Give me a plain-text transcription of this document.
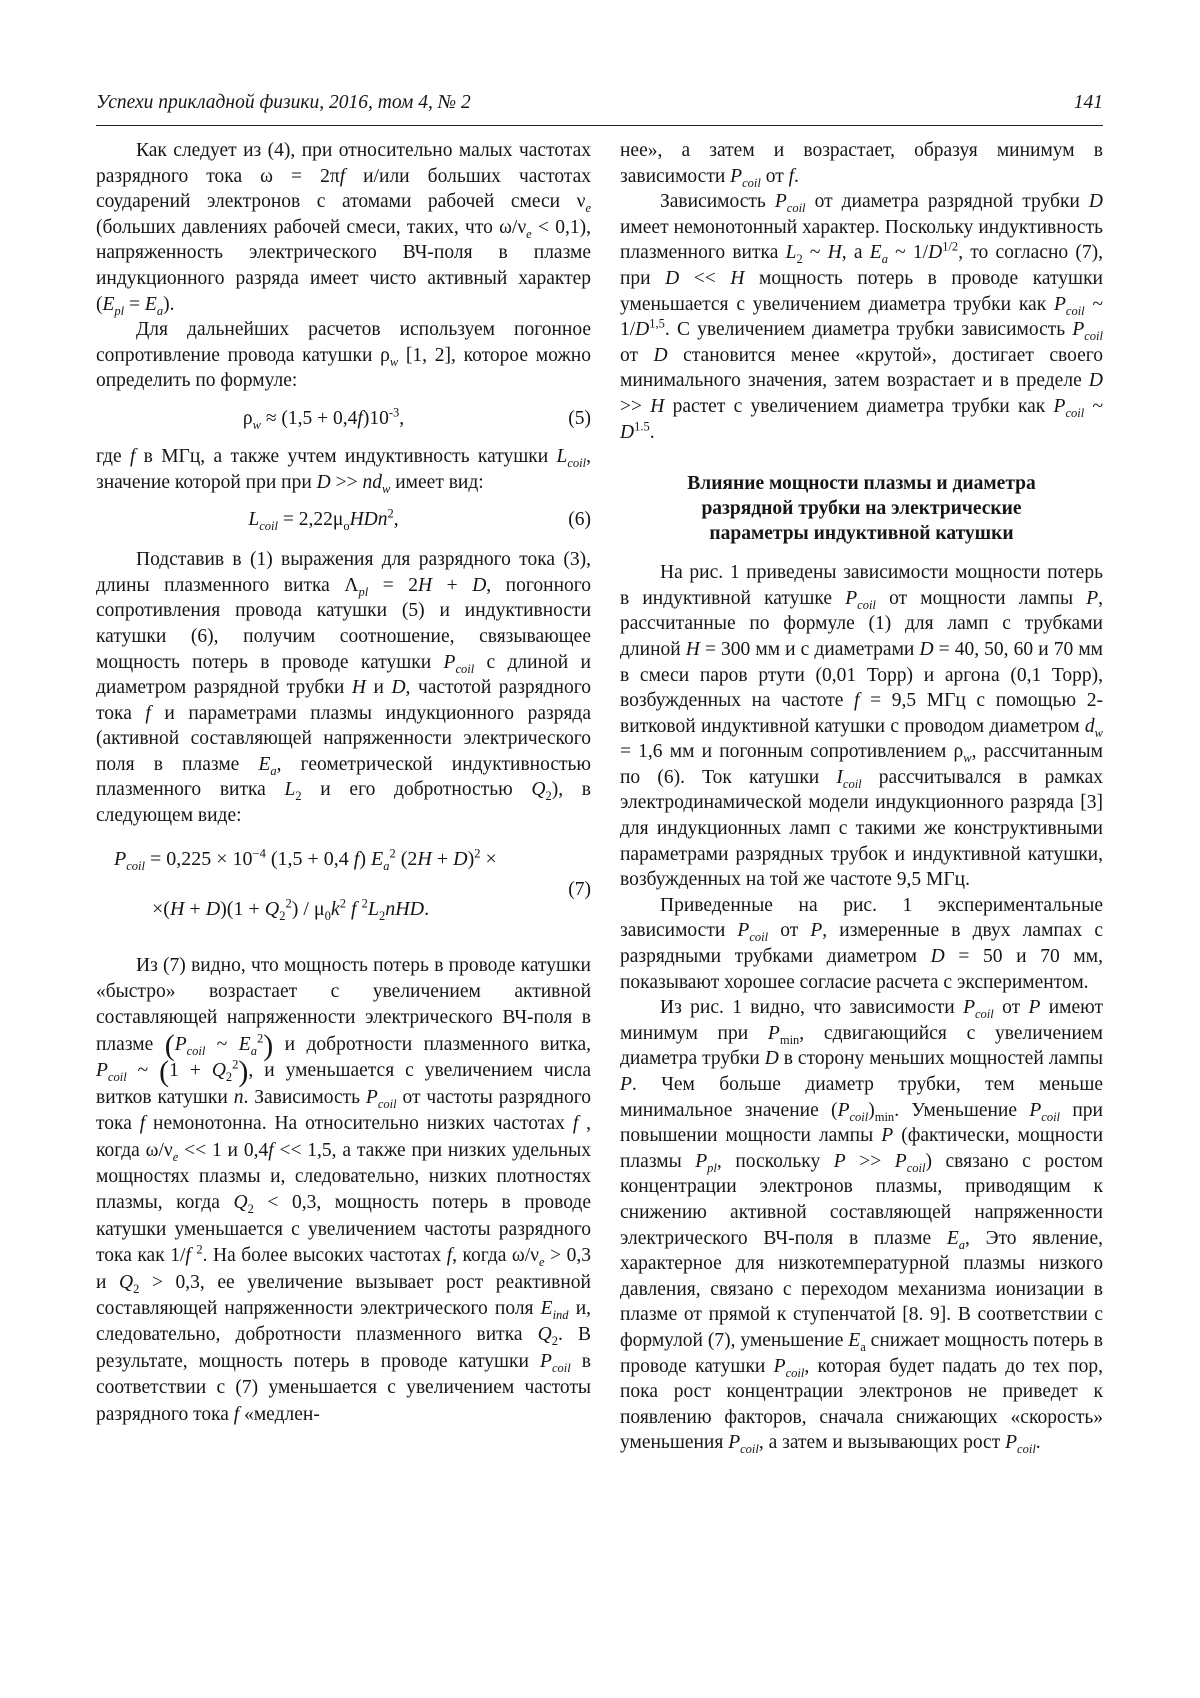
Успехи прикладной физики, 2016, том 4, № 2	141

Как следует из (4), при относительно малых частотах разрядного тока ω = 2πf и/или больших частотах соударений электронов с атомами рабочей смеси $\nu_e$ (больших давлениях рабочей смеси, таких, что $\omega/\nu_e < 0,1$), напряженность электрического ВЧ-поля в плазме индукционного разряда имеет чисто активный характер $(E_{pl} = E_a)$.

Для дальнейших расчетов используем погонное сопротивление провода катушки $\rho_w$ [1, 2], которое можно определить по формуле:

$\rho_w \approx (1,5 + 0,4f)10^{-3}$,	(5)

где f в МГц, а также учтем индуктивность катушки $L_{coil}$, значение которой при при $D >> nd_w$ имеет вид:

$L_{coil} = 2,22\mu_oHDn^2$,	(6)

Подставив в (1) выражения для разрядного тока (3), длины плазменного витка $\Lambda_{pl} = 2H + D$, погонного сопротивления провода катушки (5) и индуктивности катушки (6), получим соотношение, связывающее мощность потерь в проводе катушки $P_{coil}$ с длиной и диаметром разрядной трубки H и D, частотой разрядного тока f и параметрами плазмы индукционного разряда (активной составляющей напряженности электрического поля в плазме $E_a$, геометрической индуктивностью плазменного витка $L_2$ и его добротностью $Q_2$), в следующем виде:

$P_{coil} = 0,225 \times 10^{-4}$ (1,5 + 0,4 f) $E_a^2$ $(2H + D)^2$ ×
$\times(H + D)(1 + Q_2^2) / \mu_0k^2$ f $^2L_2nHD$.
(7)

Из (7) видно, что мощность потерь в проводе катушки «быстро» возрастает с увеличением активной составляющей напряженности электрического ВЧ-поля в плазме ($P_{coil}$ ~ $E_a^2$) и добротности плазменного витка, $P_{coil}$ ~ $(1 + Q_2^2)$, и уменьшается с увеличением числа витков катушки n. Зависимость $P_{coil}$ от частоты разрядного тока f немонотонна. На относительно низких частотах f , когда $\omega/\nu_e << 1$ и 0,4f << 1,5, а также при низких удельных мощностях плазмы и, следовательно, низких плотностях плазмы, когда $Q_2 < 0,3$, мощность потерь в проводе катушки уменьшается с увеличением частоты разрядного тока как 1/f $^2$. На более высоких частотах f, когда $\omega/\nu_e > 0,3$ и $Q_2 > 0,3$, ее увеличение вызывает рост реактивной составляющей напряженности электрического поля $E_{ind}$ и, следовательно, добротности плазменного витка $Q_2$. В результате, мощность потерь в проводе катушки $P_{coil}$ в соответствии с (7) уменьшается с увеличением частоты разрядного тока f «медлен-

нее», а затем и возрастает, образуя минимум в зависимости $P_{coil}$ от f.

Зависимость $P_{coil}$ от диаметра разрядной трубки D имеет немонотонный характер. Поскольку индуктивность плазменного витка $L_2$ ~ H, а $E_a$ ~ $1/D^{1/2}$, то согласно (7), при D << H мощность потерь в проводе катушки уменьшается с увеличением диаметра трубки как $P_{coil}$ ~ $1/D^{1,5}$. С увеличением диаметра трубки зависимость $P_{coil}$ от D становится менее «крутой», достигает своего минимального значения, затем возрастает и в пределе D >> H растет с увеличением диаметра трубки как $P_{coil}$ ~ $D^{1.5}$.

Влияние мощности плазмы и диаметра разрядной трубки на электрические параметры индуктивной катушки

На рис. 1 приведены зависимости мощности потерь в индуктивной катушке $P_{coil}$ от мощности лампы P, рассчитанные по формуле (1) для ламп с трубками длиной H = 300 мм и с диаметрами D = 40, 50, 60 и 70 мм в смеси паров ртути (0,01 Торр) и аргона (0,1 Торр), возбужденных на частоте f = 9,5 МГц с помощью 2-витковой индуктивной катушки с проводом диаметром $d_w = 1,6$ мм и погонным сопротивлением $\rho_w$, рассчитанным по (6). Ток катушки $I_{coil}$ рассчитывался в рамках электродинамической модели индукционного разряда [3] для индукционных ламп с такими же конструктивными параметрами разрядных трубок и индуктивной катушки, возбужденных на той же частоте 9,5 МГц.

Приведенные на рис. 1 экспериментальные зависимости $P_{coil}$ от P, измеренные в двух лампах с разрядными трубками диаметром D = 50 и 70 мм, показывают хорошее согласие расчета с экспериментом.

Из рис. 1 видно, что зависимости $P_{coil}$ от P имеют минимум при $P_{min}$, сдвигающийся с увеличением диаметра трубки D в сторону меньших мощностей лампы P. Чем больше диаметр трубки, тем меньше минимальное значение $(P_{coil})_{min}$. Уменьшение $P_{coil}$ при повышении мощности лампы P (фактически, мощности плазмы $P_{pl}$, поскольку $P >> P_{coil}$) связано с ростом концентрации электронов плазмы, приводящим к снижению активной составляющей напряженности электрического ВЧ-поля в плазме $E_a$, Это явление, характерное для низкотемпературной плазмы низкого давления, связано с переходом механизма ионизации в плазме от прямой к ступенчатой [8. 9]. В соответствии с формулой (7), уменьшение $E_a$ снижает мощность потерь в проводе катушки $P_{coil}$, которая будет падать до тех пор, пока рост концентрации электронов не приведет к появлению факторов, сначала снижающих «скорость» уменьшения $P_{coil}$, а затем и вызывающих рост $P_{coil}$.
